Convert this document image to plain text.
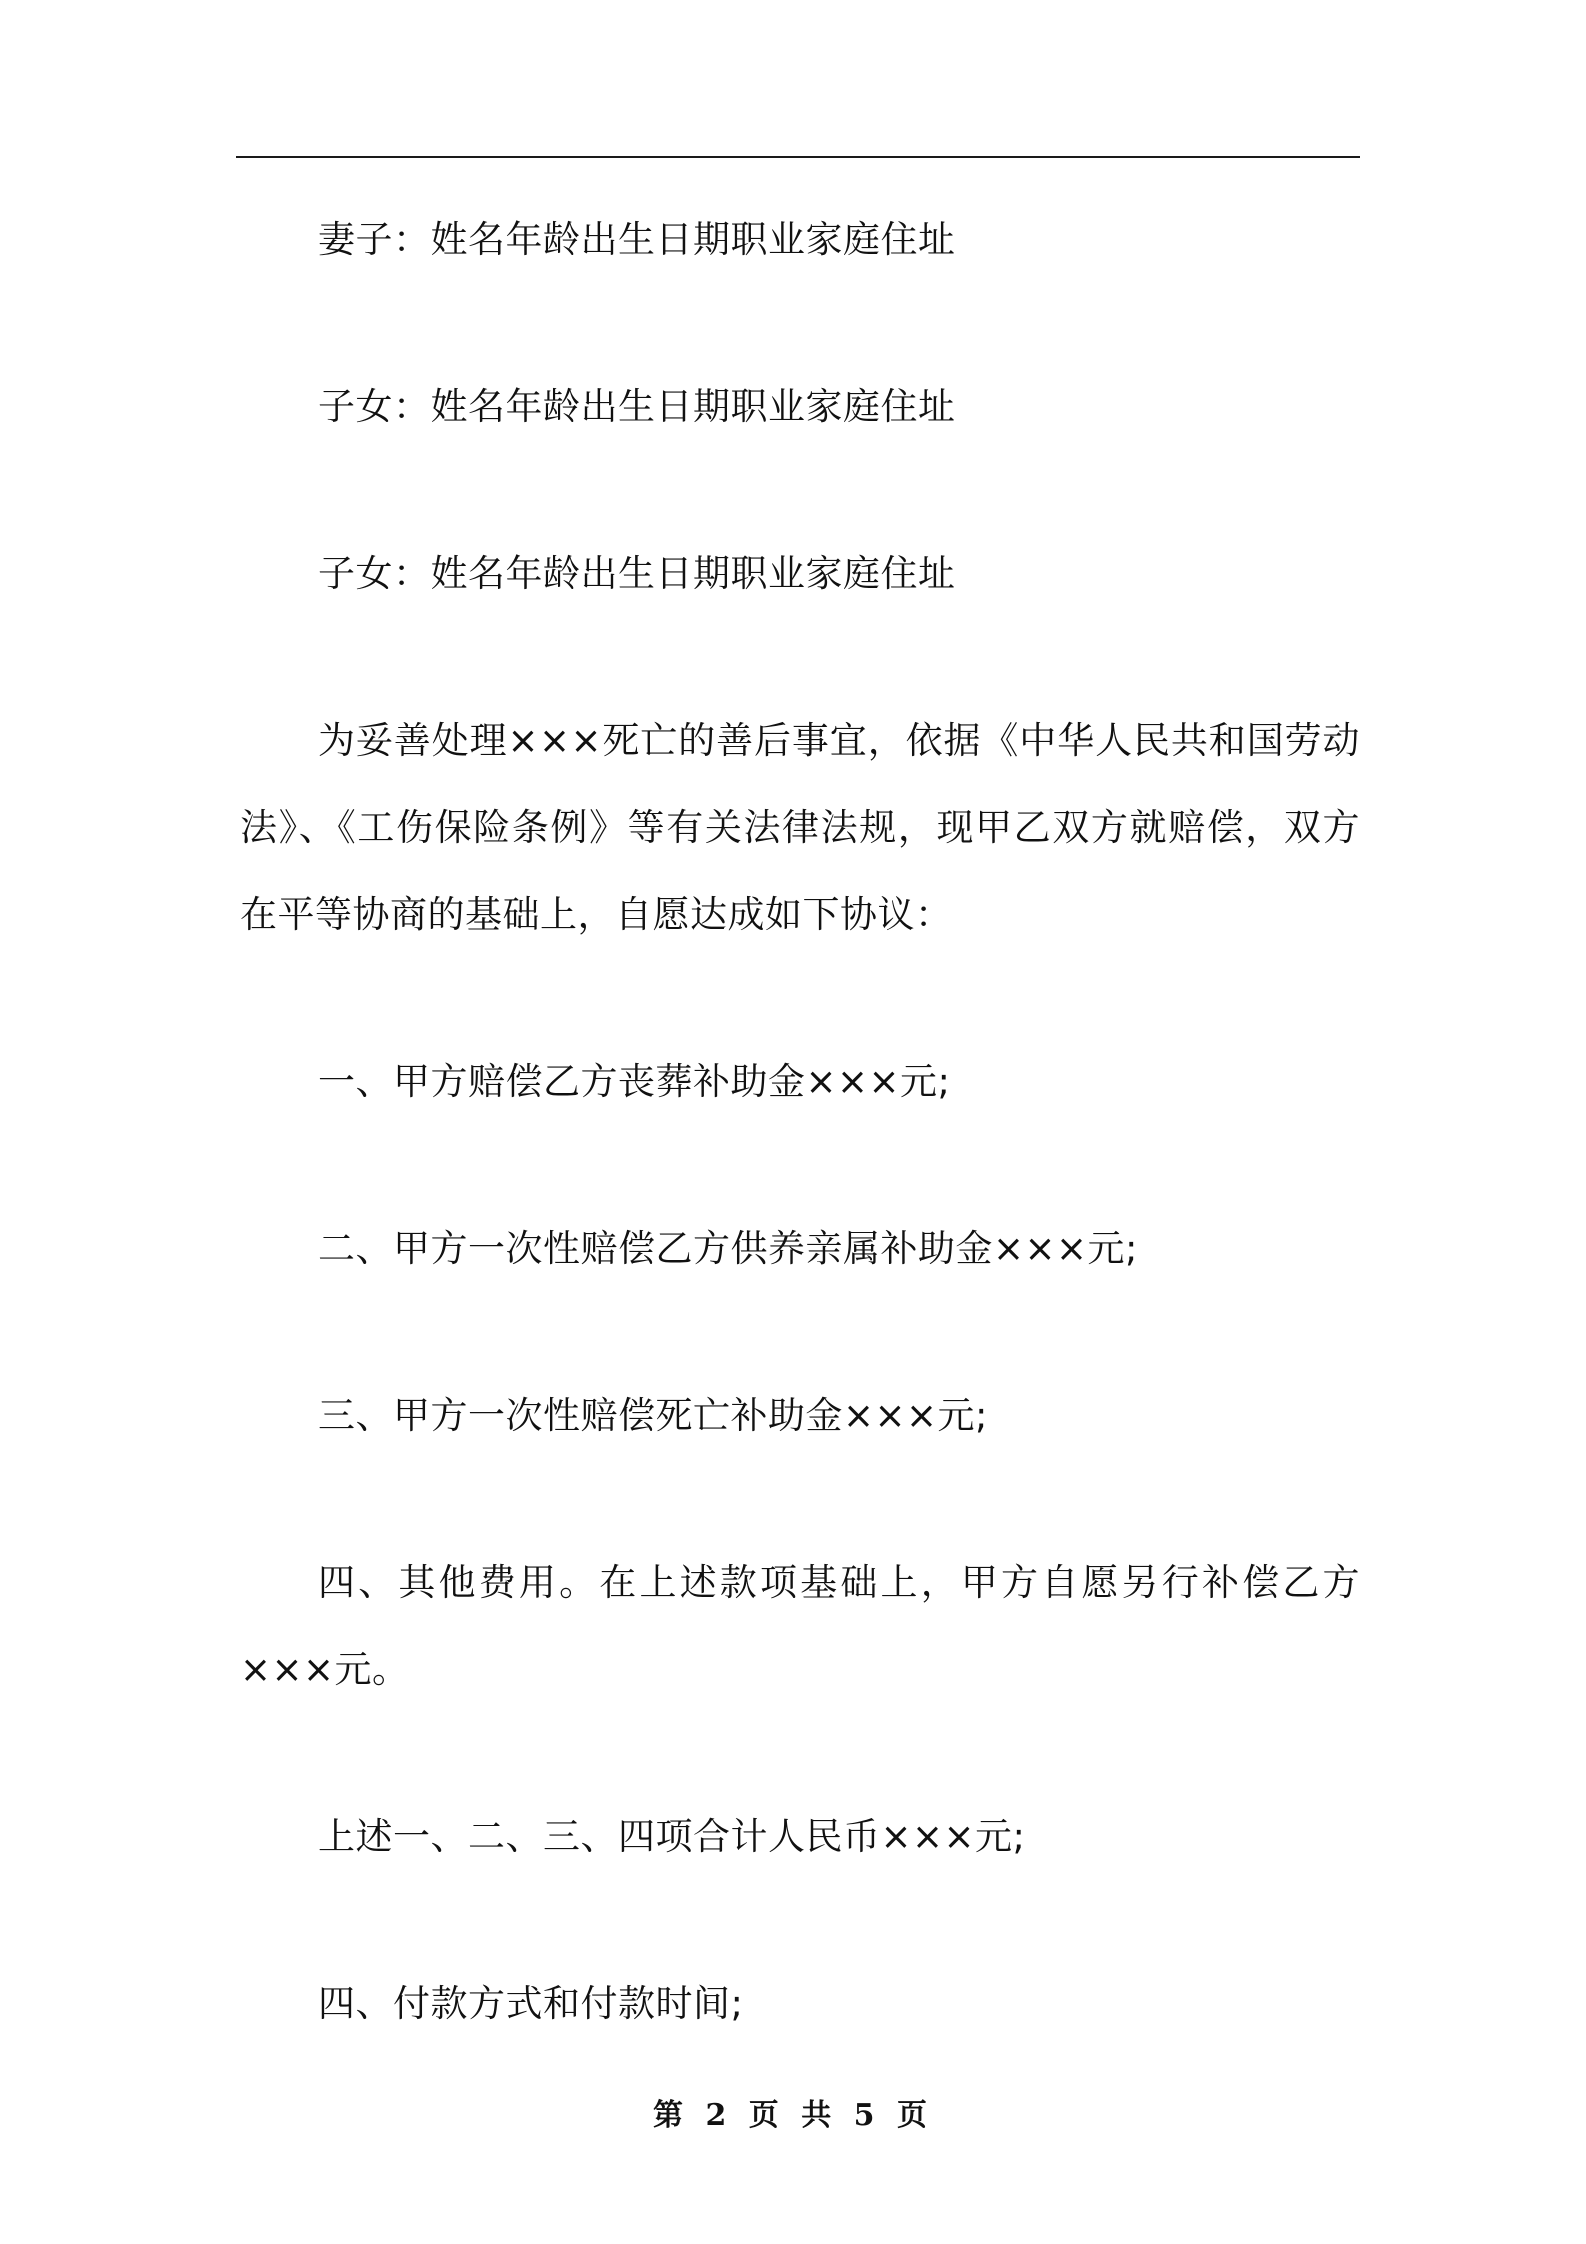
妻子：姓名年龄出生日期职业家庭住址

子女：姓名年龄出生日期职业家庭住址

子女：姓名年龄出生日期职业家庭住址

为妥善处理×××死亡的善后事宜，依据《中华人民共和国劳动法》、《工伤保险条例》等有关法律法规，现甲乙双方就赔偿，双方在平等协商的基础上，自愿达成如下协议：

一、甲方赔偿乙方丧葬补助金×××元;

二、甲方一次性赔偿乙方供养亲属补助金×××元;

三、甲方一次性赔偿死亡补助金×××元;

四、其他费用。在上述款项基础上，甲方自愿另行补偿乙方×××元。

上述一、二、三、四项合计人民币×××元;

四、付款方式和付款时间;

第 2 页 共 5 页
